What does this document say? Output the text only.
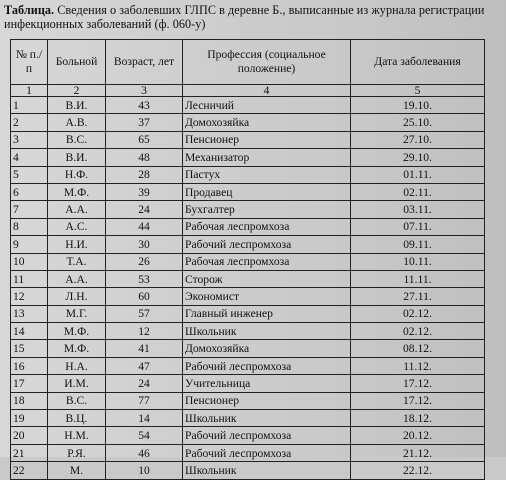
Таблица. Сведения о заболевших ГЛПС в деревне Б., выписанные из журнала регистрации инфекционных заболеваний (ф. 060-у)
№ п./п	Больной	Возраст, лет	Профессия (социальное положение)	Дата заболевания
1	2	3	4	5
1	В.И.	43	Лесничий	19.10.
2	А.В.	37	Домохозяйка	25.10.
3	В.С.	65	Пенсионер	27.10.
4	В.И.	48	Механизатор	29.10.
5	Н.Ф.	28	Пастух	01.11.
6	М.Ф.	39	Продавец	02.11.
7	А.А.	24	Бухгалтер	03.11.
8	А.С.	44	Рабочая леспромхоза	07.11.
9	Н.И.	30	Рабочий леспромхоза	09.11.
10	Т.А.	26	Рабочая леспромхоза	10.11.
11	А.А.	53	Сторож	11.11.
12	Л.Н.	60	Экономист	27.11.
13	М.Г.	57	Главный инженер	02.12.
14	М.Ф.	12	Школьник	02.12.
15	М.Ф.	41	Домохозяйка	08.12.
16	Н.А.	47	Рабочий леспромхоза	11.12.
17	И.М.	24	Учительница	17.12.
18	В.С.	77	Пенсионер	17.12.
19	В.Ц.	14	Школьник	18.12.
20	Н.М.	54	Рабочий леспромхоза	20.12.
21	Р.Я.	46	Рабочий леспромхоза	21.12.
22	М.	10	Школьник	22.12.
